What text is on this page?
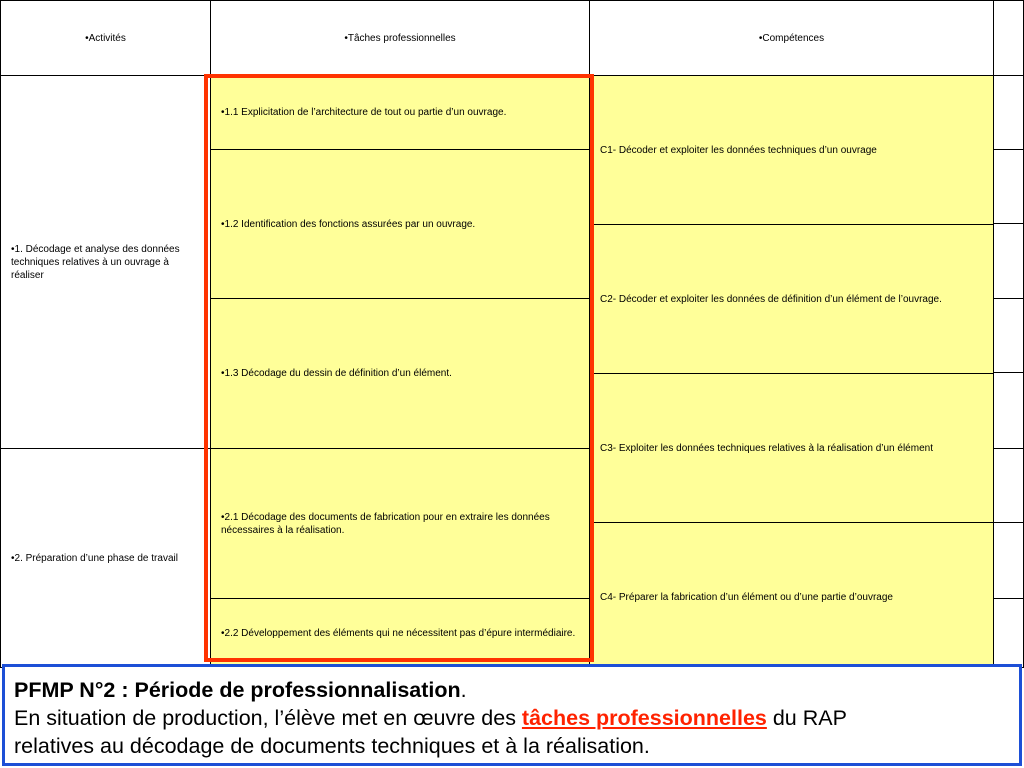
•Activités	•Tâches professionnelles	•Compétences
•1. Décodage et analyse des données techniques relatives à un ouvrage à réaliser
•2. Préparation d’une phase de travail
•1.1 Explicitation de l’architecture de tout ou partie d’un ouvrage.
•1.2 Identification des fonctions assurées par un ouvrage.
•1.3 Décodage du dessin de définition d’un élément.
•2.1 Décodage des documents de fabrication pour en extraire les données nécessaires à la réalisation.
•2.2 Développement des éléments qui ne nécessitent pas d’épure intermédiaire.
C1- Décoder et exploiter les données techniques d’un ouvrage
C2- Décoder et exploiter les données de définition d’un élément de l’ouvrage.
C3- Exploiter les données techniques relatives à la réalisation d’un élément
C4- Préparer la fabrication d’un élément ou d’une partie d’ouvrage
PFMP N°2 : Période de professionnalisation.
En situation de production, l’élève met en œuvre des tâches professionnelles du RAP
relatives au décodage de documents techniques et à la réalisation.
